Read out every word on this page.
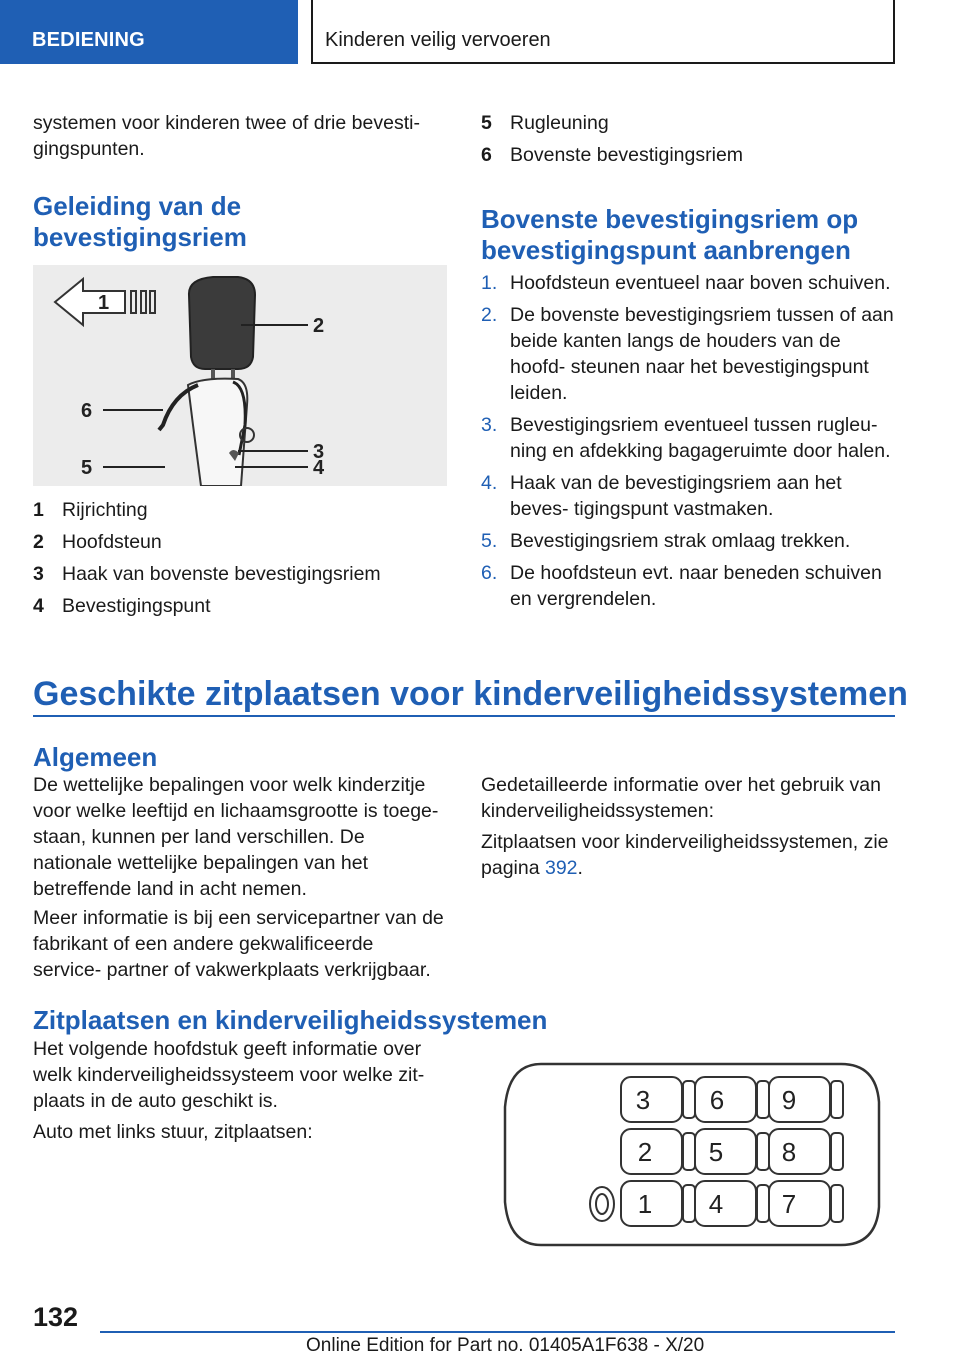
BEDIENING	Kinderen veilig vervoeren

systemen voor kinderen twee of drie bevesti‐ gingspunten.

Geleiding van de bevestigingsriem

1
2
6
3
5	4
1 Rijrichting
2 Hoofdsteun
3 Haak van bovenste bevestigingsriem
4 Bevestigingspunt
5 Rugleuning
6 Bovenste bevestigingsriem

Bovenste bevestigingsriem op bevestigingspunt aanbrengen

1. Hoofdsteun eventueel naar boven schuiven.
2. De bovenste bevestigingsriem tussen of aan beide kanten langs de houders van de hoofd‐ steunen naar het bevestigingspunt leiden.
3. Bevestigingsriem eventueel tussen rugleu‐ ning en afdekking bagageruimte door halen.
4. Haak van de bevestigingsriem aan het beves‐ tigingspunt vastmaken.
5. Bevestigingsriem strak omlaag trekken.
6. De hoofdsteun evt. naar beneden schuiven en vergrendelen.

Geschikte zitplaatsen voor kinderveiligheidssystemen

Algemeen

De wettelijke bepalingen voor welk kinderzitje voor welke leeftijd en lichaamsgrootte is toege‐ staan, kunnen per land verschillen. De nationale wettelijke bepalingen van het betreffende land in acht nemen.

Meer informatie is bij een servicepartner van de fabrikant of een andere gekwalificeerde service‐ partner of vakwerkplaats verkrijgbaar.

Gedetailleerde informatie over het gebruik van kinderveiligheidssystemen:

Zitplaatsen voor kinderveiligheidssystemen, zie pagina 392.

Zitplaatsen en kinderveiligheidssystemen

Het volgende hoofdstuk geeft informatie over welk kinderveiligheidssysteem voor welke zit‐ plaats in de auto geschikt is.

Auto met links stuur, zitplaatsen:

3 6 9
2 5 8
1 4 7
132
Online Edition for Part no. 01405A1F638 - X/20
